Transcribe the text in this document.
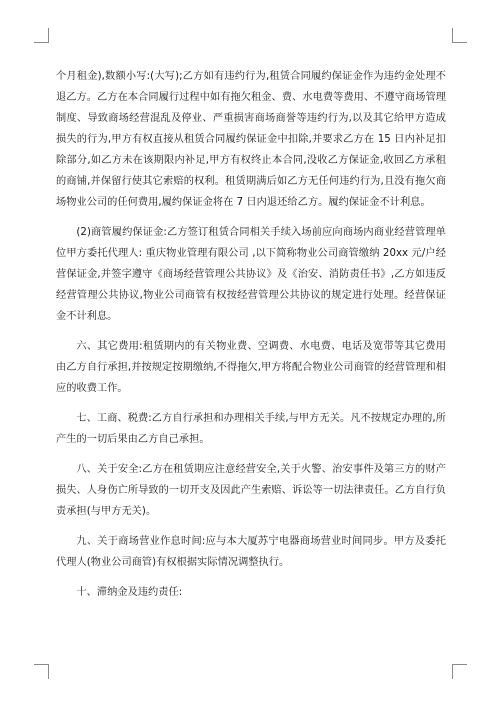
个月租金),数额小写:(大写);乙方如有违约行为,租赁合同履约保证金作为违约金处理不退乙方。乙方在本合同履行过程中如有拖欠租金、费、水电费等费用、不遵守商场管理制度、导致商场经营混乱及停业、严重损害商场商誉等违约行为,以及其它给甲方造成损失的行为,甲方有权直接从租赁合同履约保证金中扣除,并要求乙方在 15 日内补足扣除部分,如乙方未在该期限内补足,甲方有权终止本合同,没收乙方保证金,收回乙方承租的商铺,并保留行使其它索赔的权利。租赁期满后如乙方无任何违约行为,且没有拖欠商场物业公司的任何费用,履约保证金将在 7 日内退还给乙方。履约保证金不计利息。

(2)商管履约保证金:乙方签订租赁合同相关手续入场前应向商场内商业经营管理单位甲方委托代理人: 重庆物业管理有限公司 ,以下简称物业公司商管缴纳 20xx 元/户经营保证金,并签字遵守《商场经营管理公共协议》及《治安、消防责任书》,乙方如违反经营管理公共协议,物业公司商管有权按经营管理公共协议的规定进行处理。经营保证金不计利息。

六、其它费用:租赁期内的有关物业费、空调费、水电费、电话及宽带等其它费用由乙方自行承担,并按规定按期缴纳,不得拖欠,甲方将配合物业公司商管的经营管理和相应的收费工作。

七、工商、税费:乙方自行承担和办理相关手续,与甲方无关。凡不按规定办理的,所产生的一切后果由乙方自己承担。

八、关于安全:乙方在租赁期应注意经营安全,关于火警、治安事件及第三方的财产损失、人身伤亡所导致的一切开支及因此产生索赔、诉讼等一切法律责任。乙方自行负责承担(与甲方无关)。

九、关于商场营业作息时间:应与本大厦苏宁电器商场营业时间同步。甲方及委托代理人(物业公司商管)有权根据实际情况调整执行。

十、滞纳金及违约责任:
